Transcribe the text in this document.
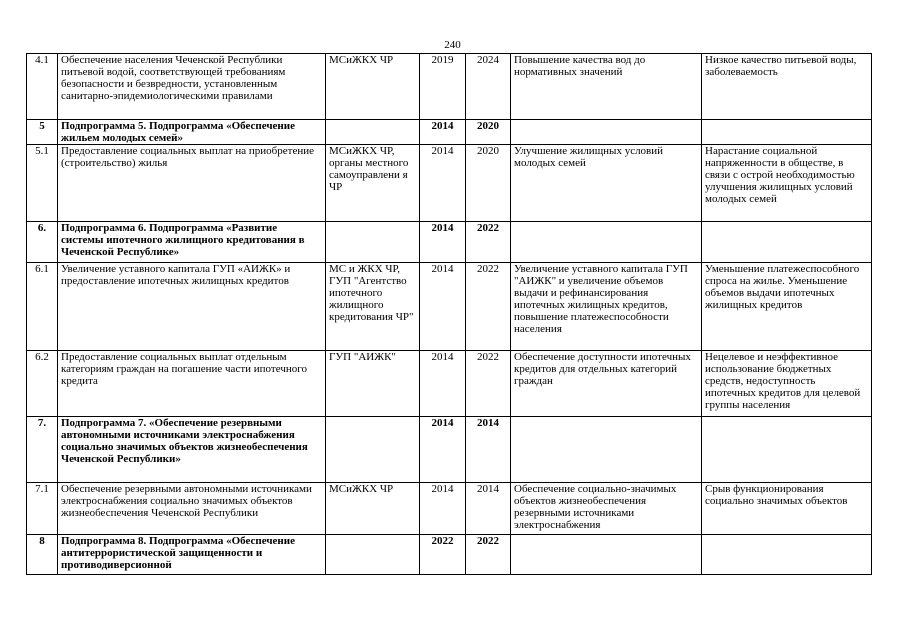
240
4.1	Обеспечение населения Чеченской Республики питьевой водой, соответствующей требованиям безопасности и безвредности, установленным санитарно-эпидемиологическими правилами	МСиЖКХ ЧР	2019	2024	Повышение качества вод до нормативных значений	Низкое качество питьевой воды, заболеваемость
5	Подпрограмма 5. Подпрограмма «Обеспечение жильем молодых семей»		2014	2020		
5.1	Предоставление социальных выплат на приобретение (строительство) жилья	МСиЖКХ ЧР, органы местного самоуправлени я ЧР	2014	2020	Улучшение жилищных условий молодых семей	Нарастание социальной напряженности в обществе, в связи с острой необходимостью улучшения жилищных условий молодых семей
6.	Подпрограмма 6. Подпрограмма «Развитие системы ипотечного жилищного кредитования в Чеченской Республике»		2014	2022		
6.1	Увеличение уставного капитала ГУП «АИЖК» и предоставление ипотечных жилищных кредитов	МС и ЖКХ ЧР, ГУП "Агентство ипотечного жилищного кредитования ЧР"	2014	2022	Увеличение уставного капитала ГУП "АИЖК" и увеличение объемов выдачи и рефинансирования ипотечных жилищных кредитов, повышение платежеспособности населения	Уменьшение платежеспособного спроса на жилье. Уменьшение объемов выдачи ипотечных жилищных кредитов
6.2	Предоставление социальных выплат отдельным категориям граждан на погашение части ипотечного кредита	ГУП "АИЖК"	2014	2022	Обеспечение доступности ипотечных кредитов для отдельных категорий граждан	Нецелевое и неэффективное использование бюджетных средств, недоступность ипотечных кредитов для целевой группы населения
7.	Подпрограмма 7. «Обеспечение резервными автономными источниками электроснабжения социально значимых объектов жизнеобеспечения Чеченской Республики»		2014	2014		
7.1	Обеспечение резервными автономными источниками электроснабжения социально значимых объектов жизнеобеспечения Чеченской Республики	МСиЖКХ ЧР	2014	2014	Обеспечение социально-значимых объектов жизнеобеспечения резервными источниками электроснабжения	Срыв функционирования социально значимых объектов
8	Подпрограмма 8. Подпрограмма «Обеспечение антитеррористической защищенности и противодиверсионной		2022	2022		
